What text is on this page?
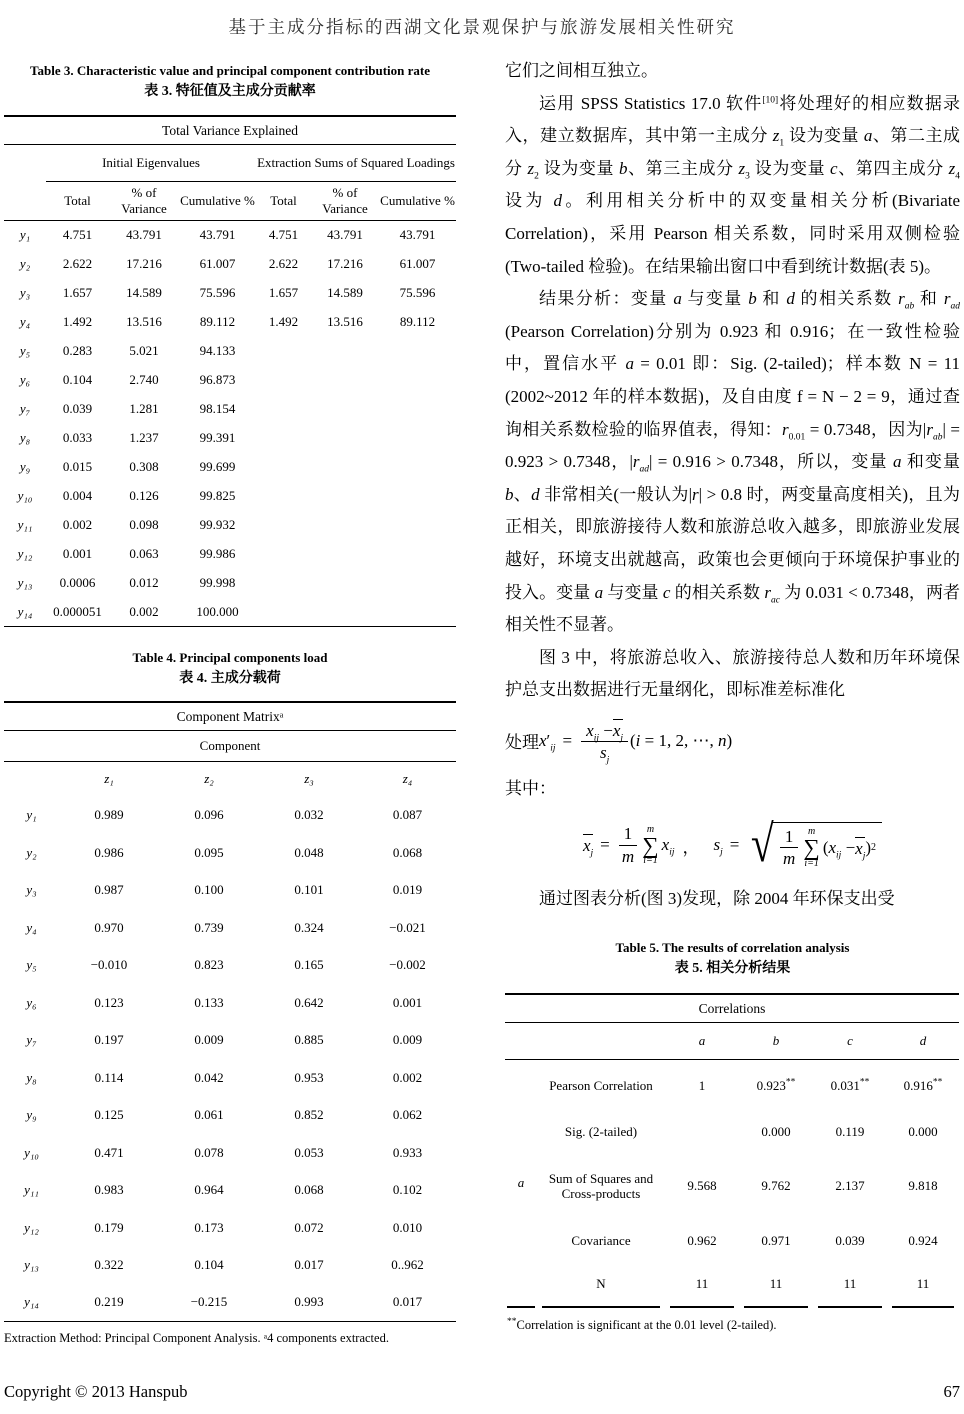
基于主成分指标的西湖文化景观保护与旅游发展相关性研究
Table 3. Characteristic value and principal component contribution rate
表 3. 特征值及主成分贡献率
Total Variance Explained						
	Initial Eigenvalues			Extraction Sums of Squared Loadings		
	Total	% of Variance	Cumulative %	Total	% of Variance	Cumulative %
y₁	4.751	43.791	43.791	4.751	43.791	43.791
y₂	2.622	17.216	61.007	2.622	17.216	61.007
y₃	1.657	14.589	75.596	1.657	14.589	75.596
y₄	1.492	13.516	89.112	1.492	13.516	89.112
y₅	0.283	5.021	94.133			
y₆	0.104	2.740	96.873			
y₇	0.039	1.281	98.154			
y₈	0.033	1.237	99.391			
y₉	0.015	0.308	99.699			
y₁₀	0.004	0.126	99.825			
y₁₁	0.002	0.098	99.932			
y₁₂	0.001	0.063	99.986			
y₁₃	0.0006	0.012	99.998			
y₁₄	0.000051	0.002	100.000			
Table 4. Principal components load
表 4. 主成分载荷
Component Matrixᵃ				
Component				
	z₁	z₂	z₃	z₄
y₁	0.989	0.096	0.032	0.087
y₂	0.986	0.095	0.048	0.068
y₃	0.987	0.100	0.101	0.019
y₄	0.970	0.739	0.324	−0.021
y₅	−0.010	0.823	0.165	−0.002
y₆	0.123	0.133	0.642	0.001
y₇	0.197	0.009	0.885	0.009
y₈	0.114	0.042	0.953	0.002
y₉	0.125	0.061	0.852	0.062
y₁₀	0.471	0.078	0.053	0.933
y₁₁	0.983	0.964	0.068	0.102
y₁₂	0.179	0.173	0.072	0.010
y₁₃	0.322	0.104	0.017	0..962
y₁₄	0.219	−0.215	0.993	0.017

Extraction Method: Principal Component Analysis. ᵃ4 components extracted.

它们之间相互独立。

运用 SPSS Statistics 17.0 软件[10]将处理好的相应数据录入，建立数据库，其中第一主成分 $z_1$ 设为变量 a、第二主成分 $z_2$ 设为变量 b、第三主成分 $z_3$ 设为变量 c、第四主成分 $z_4$ 设为 d。利用相关分析中的双变量相关分析(Bivariate Correlation)，采用 Pearson 相关系数，同时采用双侧检验(Two-tailed 检验)。在结果输出窗口中看到统计数据(表 5)。

结果分析：变量 a 与变量 b 和 d 的相关系数 $r_{ab}$ 和 $r_{ad}$ (Pearson Correlation)分别为 0.923 和 0.916；在一致性检验中，置信水平 a = 0.01 即：Sig. (2-tailed)；样本数 N = 11 (2002~2012 年的样本数据)，及自由度 f = N − 2 = 9，通过查询相关系数检验的临界值表，得知：$r_{0.01} = 0.7348$，因为$|r_{ab}| = 0.923 > 0.7348$，$|r_{ad}| = 0.916 > 0.7348$，所以，变量 a 和变量 b、d 非常相关(一般认为|r| > 0.8 时，两变量高度相关)，且为正相关，即旅游接待人数和旅游总收入越多，即旅游业发展越好，环境支出就越高，政策也会更倾向于环境保护事业的投入。变量 a 与变量 c 的相关系数 $r_{ac}$ 为 0.031 < 0.7348，两者相关性不显著。

图 3 中，将旅游总收入、旅游接待总人数和历年环境保护总支出数据进行无量纲化，即标准差标准化

处理 $x'_{ij} = \frac{x_{ij} - x_j}{s_j} (i = 1$, 2, ⋯, n)

其中：

$x_j = \frac{1}{m}$ m
∑
i=1
$x_{ij}$ ， $s_j$ = √ $\frac{1}{m}$ m
∑
i=1
($x_{ij} - x_j$ ) 2

通过图表分析(图 3)发现，除 2004 年环保支出受

Table 5. The results of correlation analysis
表 5. 相关分析结果
Correlations					
		a	b	c	d
a	Pearson Correlation	1	0.923**	0.031**	0.916**
	Sig. (2-tailed)		0.000	0.119	0.000
	Sum of Squares and Cross-products	9.568	9.762	2.137	9.818
	Covariance	0.962	0.971	0.039	0.924
	N	11	11	11	11

**Correlation is significant at the 0.01 level (2-tailed).

Copyright © 2013 Hanspub	67
